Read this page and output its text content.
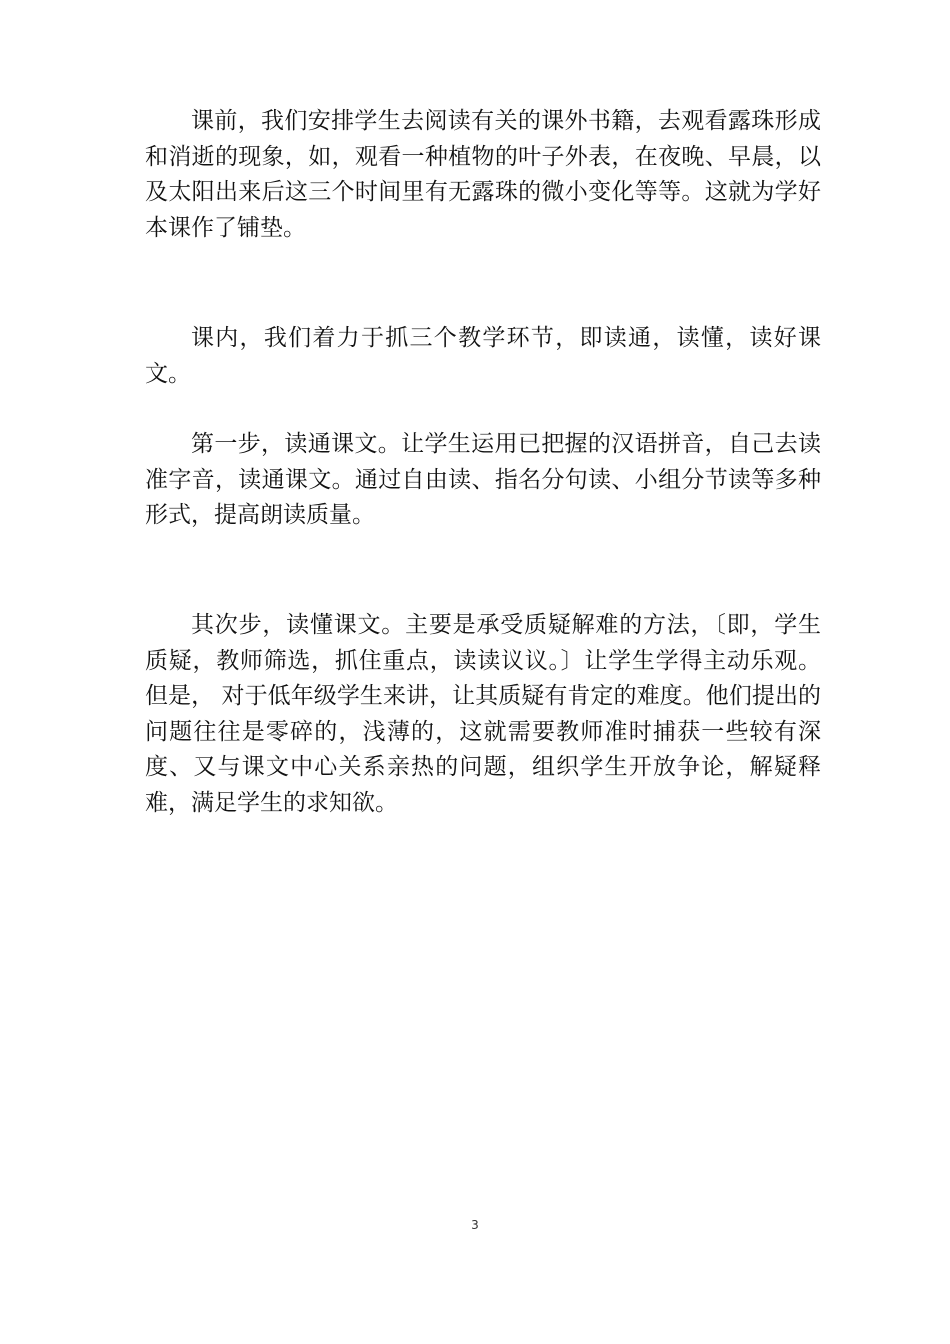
课前，我们安排学生去阅读有关的课外书籍，去观看露珠形成和消逝的现象，如，观看一种植物的叶子外表，在夜晚、早晨，以及太阳出来后这三个时间里有无露珠的微小变化等等。这就为学好本课作了铺垫。

课内，我们着力于抓三个教学环节，即读通，读懂，读好课文。

第一步，读通课文。让学生运用已把握的汉语拼音，自己去读准字音，读通课文。通过自由读、指名分句读、小组分节读等多种形式，提高朗读质量。

其次步，读懂课文。主要是承受质疑解难的方法，〔即，学生质疑，教师筛选，抓住重点，读读议议。〕让学生学得主动乐观。但是， 对于低年级学生来讲，让其质疑有肯定的难度。他们提出的问题往往是零碎的，浅薄的，这就需要教师准时捕获一些较有深度、又与课文中心关系亲热的问题，组织学生开放争论，解疑释难，满足学生的求知欲。

3
